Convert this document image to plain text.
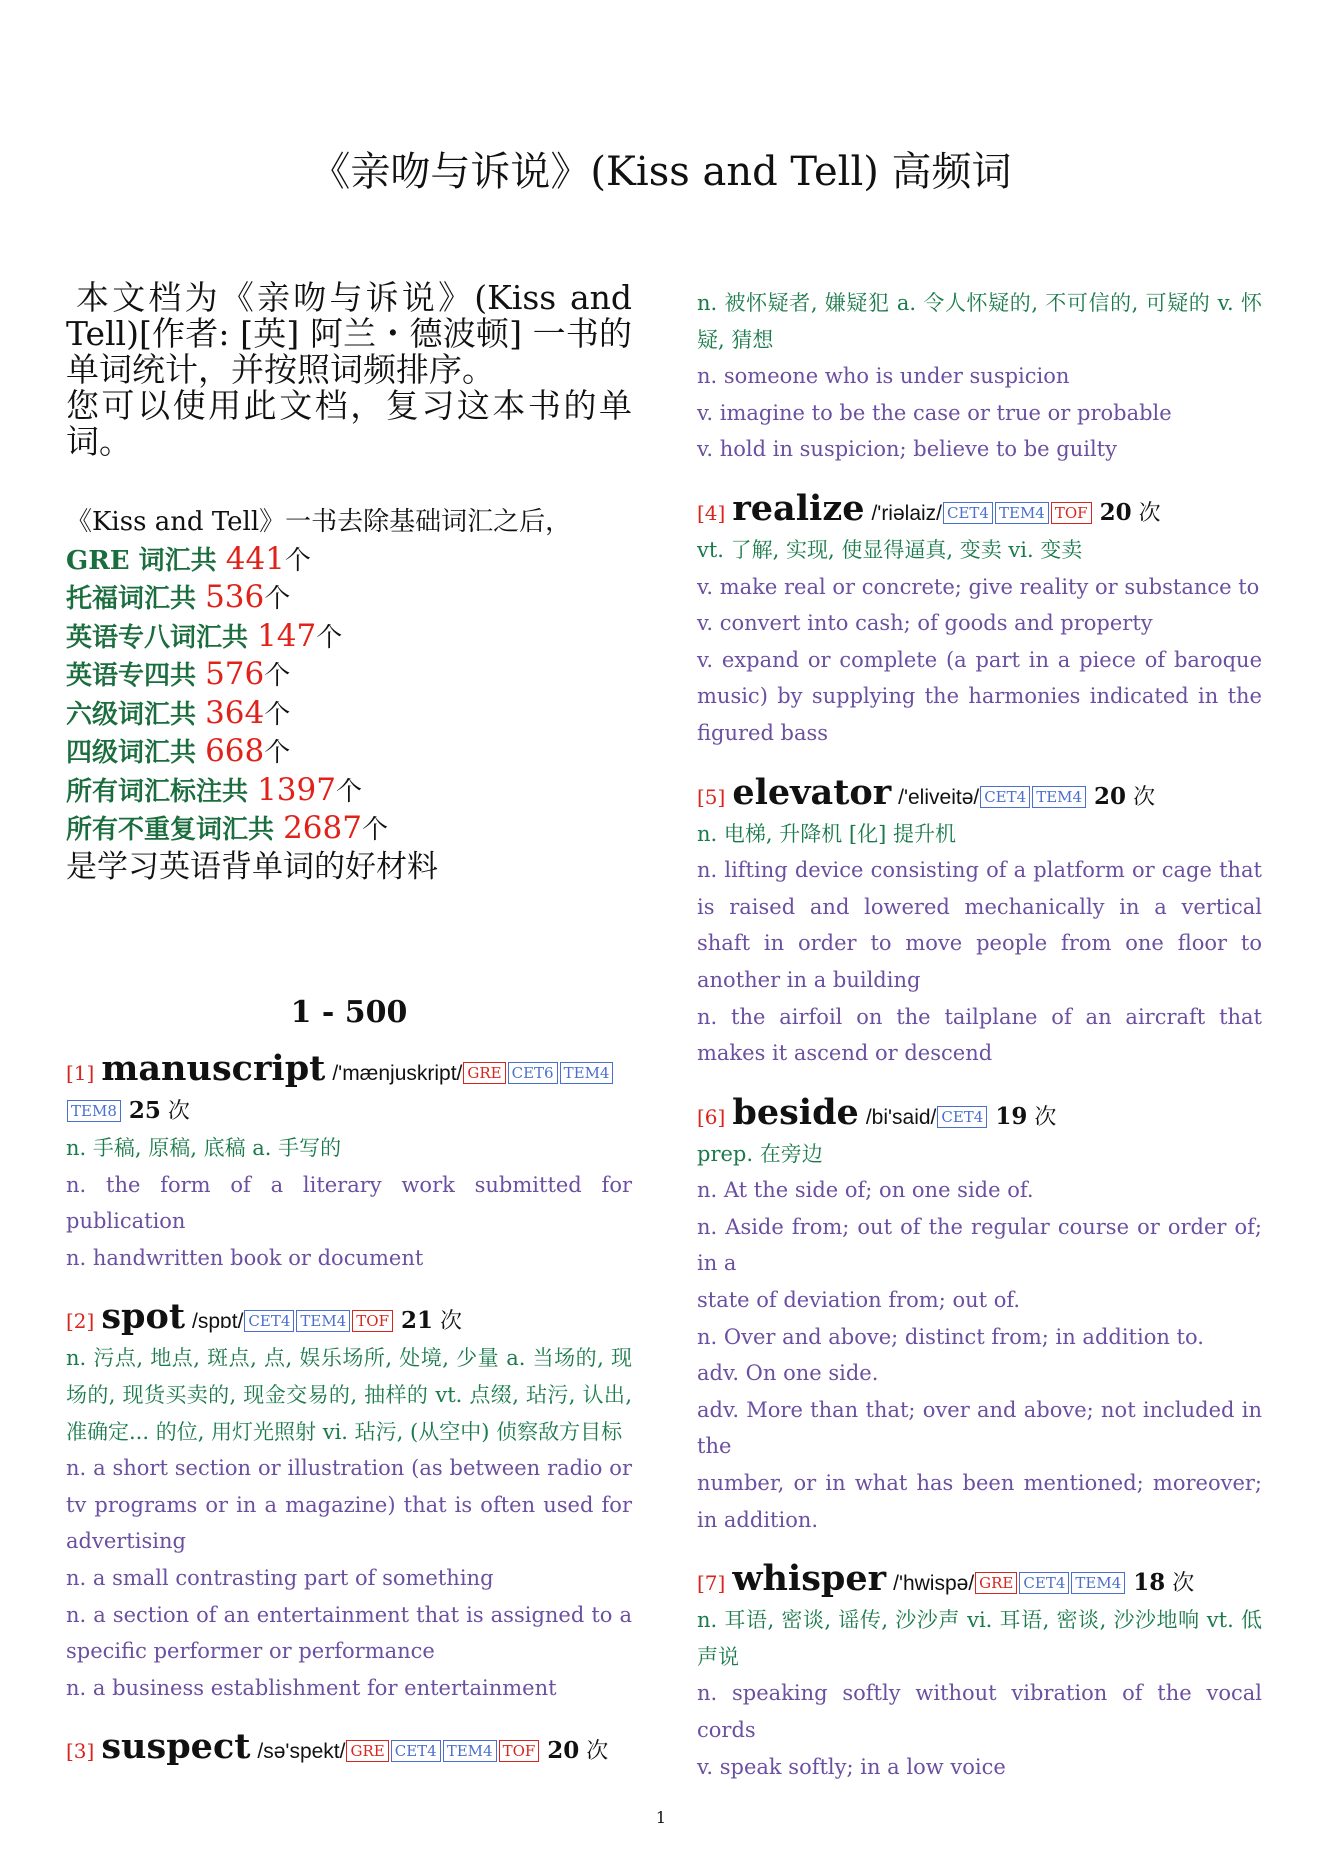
《亲吻与诉说》(Kiss and Tell) 高频词

本文档为《亲吻与诉说》(Kiss and Tell)[作者: [英] 阿兰・德波顿] 一书的单词统计，并按照词频排序。

您可以使用此文档，复习这本书的单词。

《Kiss and Tell》一书去除基础词汇之后，
GRE 词汇共 441个
托福词汇共 536个
英语专八词汇共 147个
英语专四共 576个
六级词汇共 364个
四级词汇共 668个
所有词汇标注共 1397个
所有不重复词汇共 2687个
是学习英语背单词的好材料
1 - 500
[1] manuscript /'mænjuskript/ GRE CET6 TEM4TEM8 25 次

n. 手稿, 原稿, 底稿 a. 手写的

n. the form of a literary work submitted for publication

n. handwritten book or document

[2] spot /spɒt/ CET4 TEM4 TOF 21 次

n. 污点, 地点, 斑点, 点, 娱乐场所, 处境, 少量 a. 当场的, 现场的, 现货买卖的, 现金交易的, 抽样的 vt. 点缀, 玷污, 认出, 准确定... 的位, 用灯光照射 vi. 玷污, (从空中) 侦察敌方目标

n. a short section or illustration (as between radio or tv programs or in a magazine) that is often used for advertising

n. a small contrasting part of something

n. a section of an entertainment that is assigned to a specific performer or performance

n. a business establishment for entertainment

[3] suspect /sə'spekt/ GRE CET4 TEM4 TOF 20 次

n. 被怀疑者, 嫌疑犯 a. 令人怀疑的, 不可信的, 可疑的 v. 怀疑, 猜想

n. someone who is under suspicion

v. imagine to be the case or true or probable

v. hold in suspicion; believe to be guilty

[4] realize /'riəlaiz/ CET4 TEM4 TOF 20 次

vt. 了解, 实现, 使显得逼真, 变卖 vi. 变卖

v. make real or concrete; give reality or substance to

v. convert into cash; of goods and property

v. expand or complete (a part in a piece of baroque music) by supplying the harmonies indicated in the figured bass

[5] elevator /'eliveitə/ CET4 TEM4 20 次

n. 电梯, 升降机 [化] 提升机

n. lifting device consisting of a platform or cage that is raised and lowered mechanically in a vertical shaft in order to move people from one floor to another in a building

n. the airfoil on the tailplane of an aircraft that makes it ascend or descend

[6] beside /bi'said/ CET4 19 次

prep. 在旁边

n. At the side of; on one side of.

n. Aside from; out of the regular course or order of; in a

state of deviation from; out of.

n. Over and above; distinct from; in addition to.

adv. On one side.

adv. More than that; over and above; not included in the

number, or in what has been mentioned; moreover; in addition.

[7] whisper /'hwispə/ GRE CET4 TEM4 18 次

n. 耳语, 密谈, 谣传, 沙沙声 vi. 耳语, 密谈, 沙沙地响 vt. 低声说

n. speaking softly without vibration of the vocal cords

v. speak softly; in a low voice

1
